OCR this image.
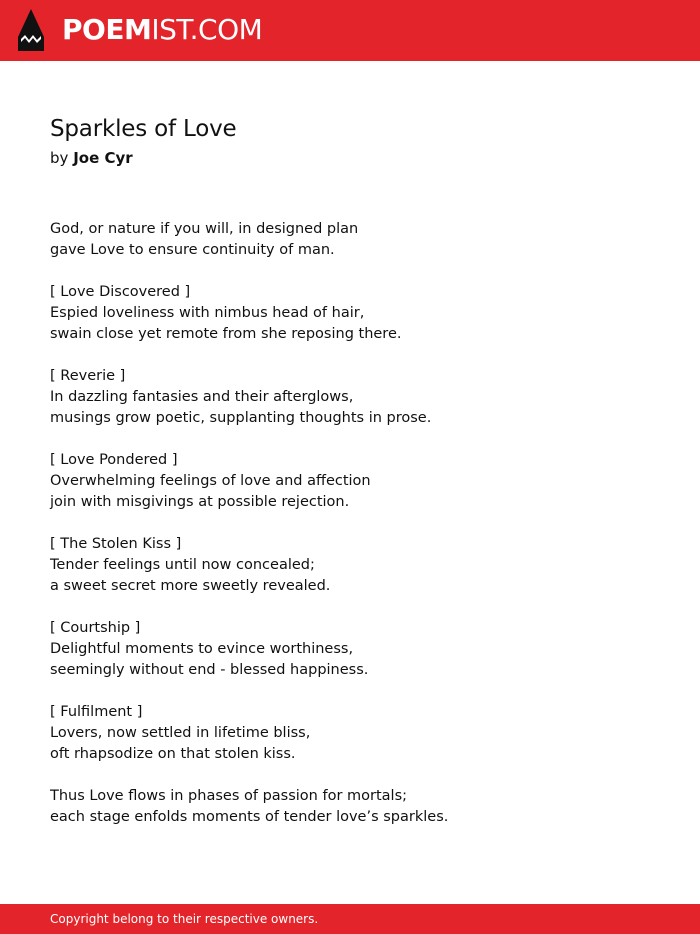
POEMIST.COM
Sparkles of Love
by Joe Cyr
God, or nature if you will, in designed plan
gave Love to ensure continuity of man.
[ Love Discovered ]
Espied loveliness with nimbus head of hair,
swain close yet remote from she reposing there.
[ Reverie ]
In dazzling fantasies and their afterglows,
musings grow poetic, supplanting thoughts in prose.
[ Love Pondered ]
Overwhelming feelings of love and affection
join with misgivings at possible rejection.
[ The Stolen Kiss ]
Tender feelings until now concealed;
a sweet secret more sweetly revealed.
[ Courtship ]
Delightful moments to evince worthiness,
seemingly without end - blessed happiness.
[ Fulfilment ]
Lovers, now settled in lifetime bliss,
oft rhapsodize on that stolen kiss.
Thus Love flows in phases of passion for mortals;
each stage enfolds moments of tender love’s sparkles.
Copyright belong to their respective owners.
